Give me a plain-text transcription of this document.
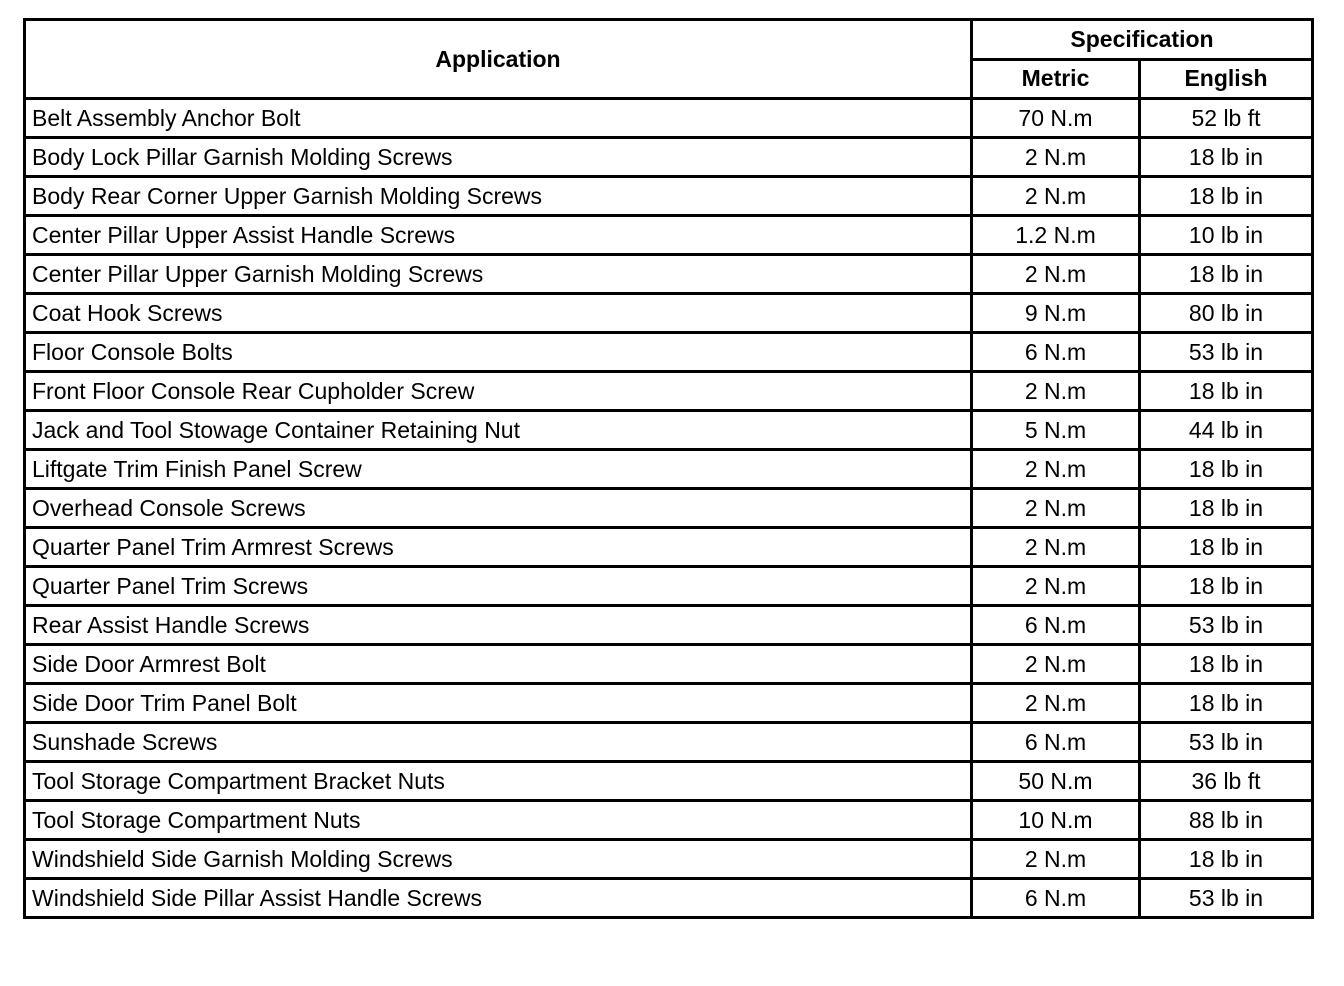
Application	Specification	
	Metric	English
Belt Assembly Anchor Bolt	70 N.m	52 lb ft
Body Lock Pillar Garnish Molding Screws	2 N.m	18 lb in
Body Rear Corner Upper Garnish Molding Screws	2 N.m	18 lb in
Center Pillar Upper Assist Handle Screws	1.2 N.m	10 lb in
Center Pillar Upper Garnish Molding Screws	2 N.m	18 lb in
Coat Hook Screws	9 N.m	80 lb in
Floor Console Bolts	6 N.m	53 lb in
Front Floor Console Rear Cupholder Screw	2 N.m	18 lb in
Jack and Tool Stowage Container Retaining Nut	5 N.m	44 lb in
Liftgate Trim Finish Panel Screw	2 N.m	18 lb in
Overhead Console Screws	2 N.m	18 lb in
Quarter Panel Trim Armrest Screws	2 N.m	18 lb in
Quarter Panel Trim Screws	2 N.m	18 lb in
Rear Assist Handle Screws	6 N.m	53 lb in
Side Door Armrest Bolt	2 N.m	18 lb in
Side Door Trim Panel Bolt	2 N.m	18 lb in
Sunshade Screws	6 N.m	53 lb in
Tool Storage Compartment Bracket Nuts	50 N.m	36 lb ft
Tool Storage Compartment Nuts	10 N.m	88 lb in
Windshield Side Garnish Molding Screws	2 N.m	18 lb in
Windshield Side Pillar Assist Handle Screws	6 N.m	53 lb in
